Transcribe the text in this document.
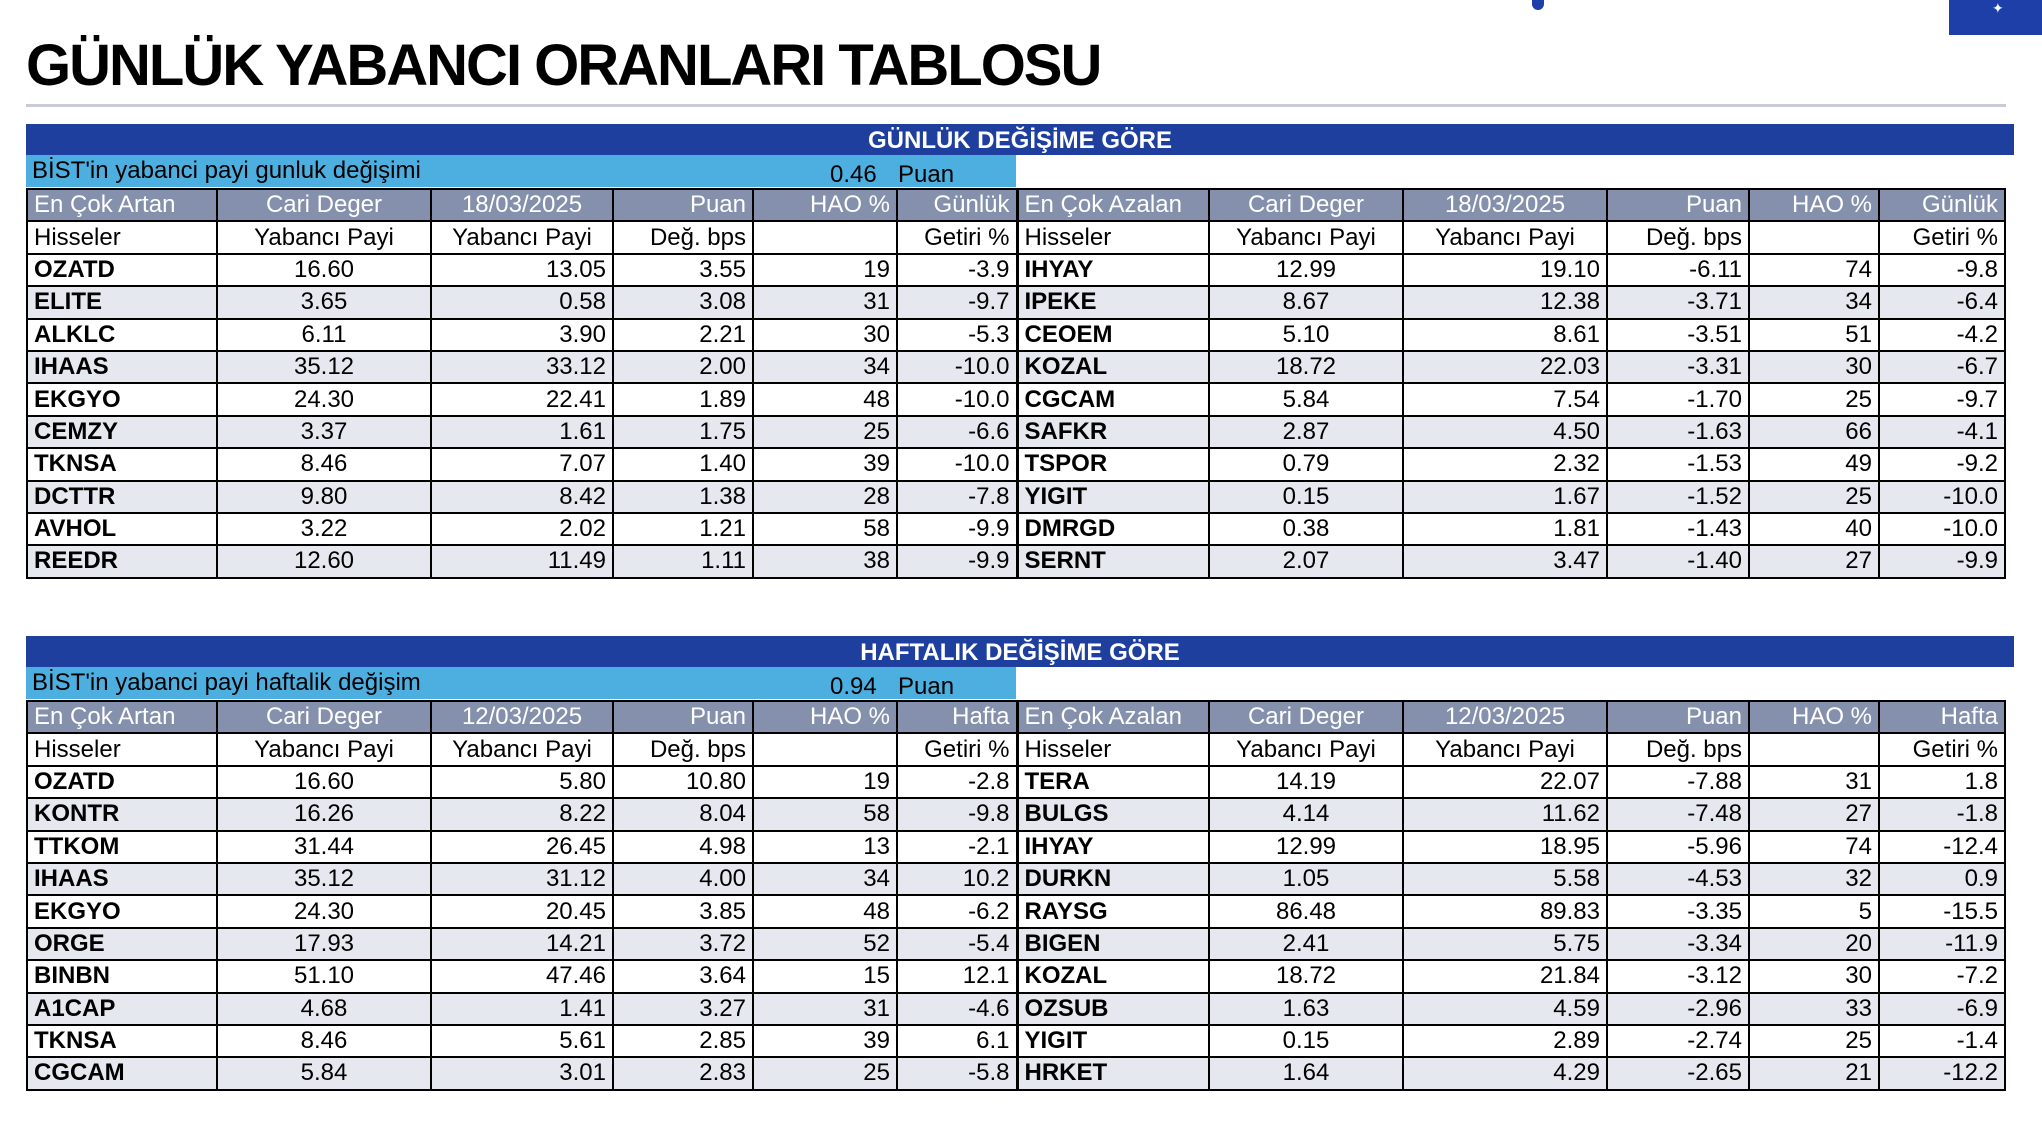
✦
GÜNLÜK YABANCI ORANLARI TABLOSU
GÜNLÜK DEĞİŞİME GÖRE
BİST'in yabanci payi gunluk değişimi	0.46 Puan
En Çok Artan	Cari Deger	18/03/2025	Puan	HAO %	Günlük	En Çok Azalan	Cari Deger	18/03/2025	Puan	HAO %	Günlük
Hisseler	Yabancı Payi	Yabancı Payi	Değ. bps		Getiri %	Hisseler	Yabancı Payi	Yabancı Payi	Değ. bps		Getiri %
OZATD	16.60	13.05	3.55	19	-3.9	IHYAY	12.99	19.10	-6.11	74	-9.8
ELITE	3.65	0.58	3.08	31	-9.7	IPEKE	8.67	12.38	-3.71	34	-6.4
ALKLC	6.11	3.90	2.21	30	-5.3	CEOEM	5.10	8.61	-3.51	51	-4.2
IHAAS	35.12	33.12	2.00	34	-10.0	KOZAL	18.72	22.03	-3.31	30	-6.7
EKGYO	24.30	22.41	1.89	48	-10.0	CGCAM	5.84	7.54	-1.70	25	-9.7
CEMZY	3.37	1.61	1.75	25	-6.6	SAFKR	2.87	4.50	-1.63	66	-4.1
TKNSA	8.46	7.07	1.40	39	-10.0	TSPOR	0.79	2.32	-1.53	49	-9.2
DCTTR	9.80	8.42	1.38	28	-7.8	YIGIT	0.15	1.67	-1.52	25	-10.0
AVHOL	3.22	2.02	1.21	58	-9.9	DMRGD	0.38	1.81	-1.43	40	-10.0
REEDR	12.60	11.49	1.11	38	-9.9	SERNT	2.07	3.47	-1.40	27	-9.9
HAFTALIK DEĞİŞİME GÖRE
BİST'in yabanci payi haftalik değişim	0.94 Puan
En Çok Artan	Cari Deger	12/03/2025	Puan	HAO %	Hafta	En Çok Azalan	Cari Deger	12/03/2025	Puan	HAO %	Hafta
Hisseler	Yabancı Payi	Yabancı Payi	Değ. bps		Getiri %	Hisseler	Yabancı Payi	Yabancı Payi	Değ. bps		Getiri %
OZATD	16.60	5.80	10.80	19	-2.8	TERA	14.19	22.07	-7.88	31	1.8
KONTR	16.26	8.22	8.04	58	-9.8	BULGS	4.14	11.62	-7.48	27	-1.8
TTKOM	31.44	26.45	4.98	13	-2.1	IHYAY	12.99	18.95	-5.96	74	-12.4
IHAAS	35.12	31.12	4.00	34	10.2	DURKN	1.05	5.58	-4.53	32	0.9
EKGYO	24.30	20.45	3.85	48	-6.2	RAYSG	86.48	89.83	-3.35	5	-15.5
ORGE	17.93	14.21	3.72	52	-5.4	BIGEN	2.41	5.75	-3.34	20	-11.9
BINBN	51.10	47.46	3.64	15	12.1	KOZAL	18.72	21.84	-3.12	30	-7.2
A1CAP	4.68	1.41	3.27	31	-4.6	OZSUB	1.63	4.59	-2.96	33	-6.9
TKNSA	8.46	5.61	2.85	39	6.1	YIGIT	0.15	2.89	-2.74	25	-1.4
CGCAM	5.84	3.01	2.83	25	-5.8	HRKET	1.64	4.29	-2.65	21	-12.2
